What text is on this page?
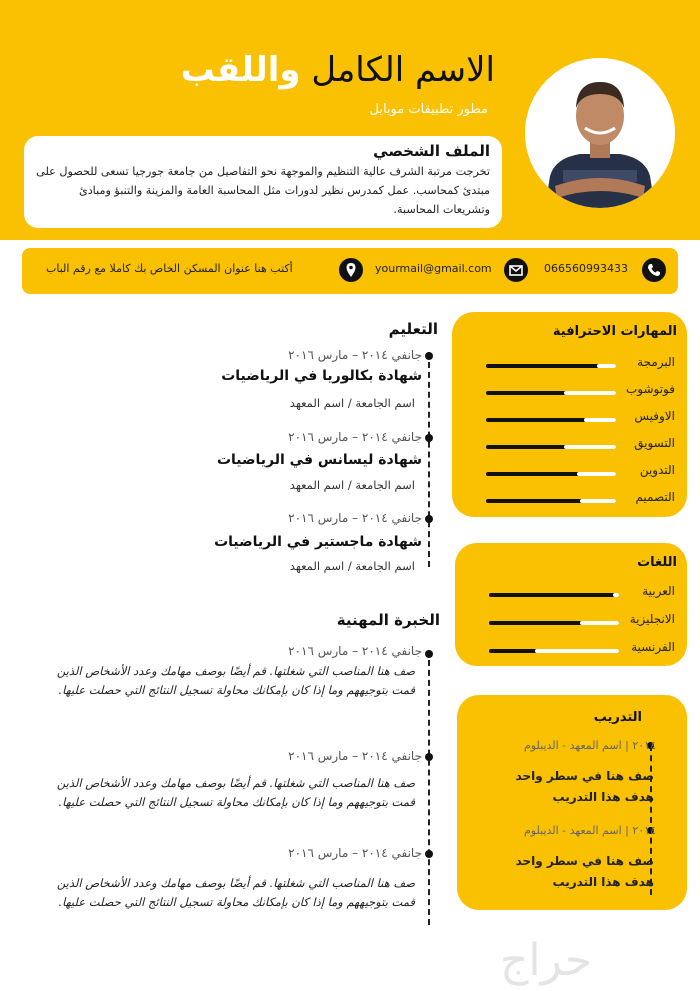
الاسم الكامل واللقب
مطور تطبيقات موبايل
الملف الشخصي

تخرجت مرتبة الشرف عالية التنظيم والموجهة نحو التفاصيل من جامعة جورجيا تسعى للحصول على مبتدئ كمحاسب. عمل كمدرس نظير لدورات مثل المحاسبة العامة والمزينة والتنبؤ ومبادئ وتشريعات المحاسبة.

066560993433
yourmail@gmail.com
أكتب هنا عنوان المسكن الخاص بك كاملا مع رقم الباب
المهارات الاحترافية
البرمجة
فوتوشوب
الاوفيس
التسويق
التدوين
التصميم
اللغات
العربية
الانجليزية
الفرنسية
التدريب
٢٠١٤ | اسم المعهد - الديبلوم
صف هنا في سطر واحد
هدف هذا التدريب
٢٠١٤ | اسم المعهد - الديبلوم
صف هنا في سطر واحد
هدف هذا التدريب
التعليم
جانفي ٢٠١٤ – مارس ٢٠١٦
شهادة بكالوريا في الرياضيات
اسم الجامعة / اسم المعهد
جانفي ٢٠١٤ – مارس ٢٠١٦
شهادة ليسانس في الرياضيات
اسم الجامعة / اسم المعهد
جانفي ٢٠١٤ – مارس ٢٠١٦
شهادة ماجستير في الرياضيات
اسم الجامعة / اسم المعهد
الخبرة المهنية
جانفي ٢٠١٤ – مارس ٢٠١٦
صف هنا المناصب التي شغلتها. قم أيضًا بوصف مهامك وعدد الأشخاص الذين قمت بتوجيههم وما إذا كان بإمكانك محاولة تسجيل النتائج التي حصلت عليها.
جانفي ٢٠١٤ – مارس ٢٠١٦
صف هنا المناصب التي شغلتها. قم أيضًا بوصف مهامك وعدد الأشخاص الذين قمت بتوجيههم وما إذا كان بإمكانك محاولة تسجيل النتائج التي حصلت عليها.
جانفي ٢٠١٤ – مارس ٢٠١٦
صف هنا المناصب التي شغلتها. قم أيضًا بوصف مهامك وعدد الأشخاص الذين قمت بتوجيههم وما إذا كان بإمكانك محاولة تسجيل النتائج التي حصلت عليها.
حراج
